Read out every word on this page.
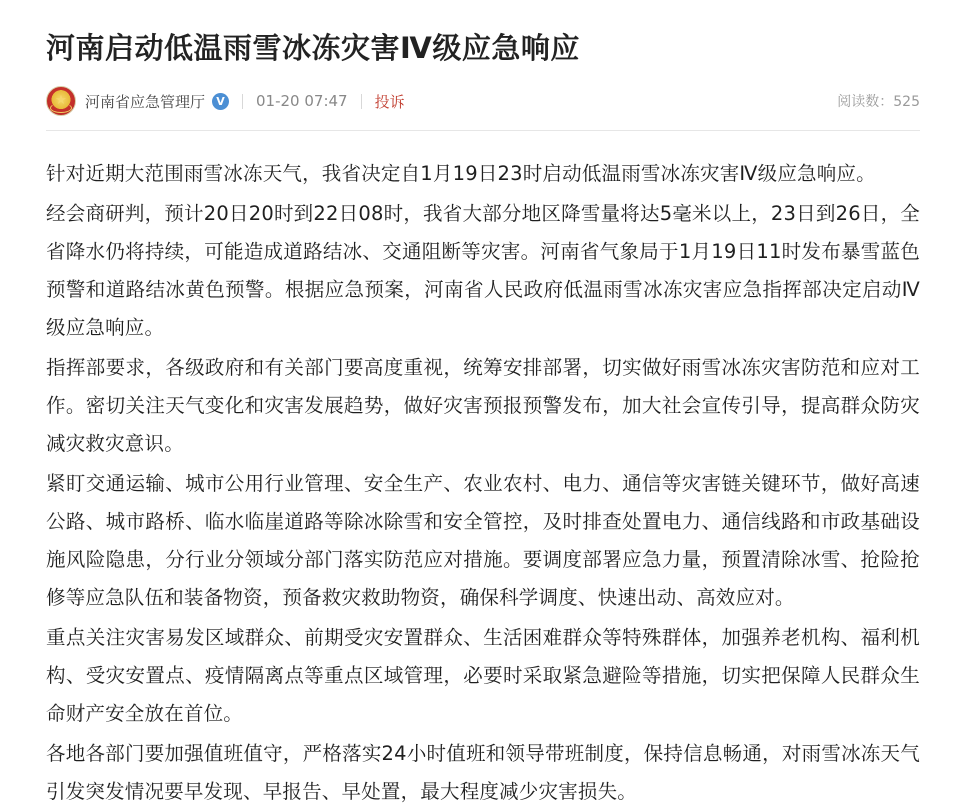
河南启动低温雨雪冰冻灾害Ⅳ级应急响应
★ 河南省应急管理厅	V 01-20 07:47 投诉	阅读数：525

针对近期大范围雨雪冰冻天气，我省决定自1月19日23时启动低温雨雪冰冻灾害Ⅳ级应急响应。

经会商研判，预计20日20时到22日08时，我省大部分地区降雪量将达5毫米以上，23日到26日，全省降水仍将持续，可能造成道路结冰、交通阻断等灾害。河南省气象局于1月19日11时发布暴雪蓝色预警和道路结冰黄色预警。根据应急预案，河南省人民政府低温雨雪冰冻灾害应急指挥部决定启动Ⅳ级应急响应。

指挥部要求，各级政府和有关部门要高度重视，统筹安排部署，切实做好雨雪冰冻灾害防范和应对工作。密切关注天气变化和灾害发展趋势，做好灾害预报预警发布，加大社会宣传引导，提高群众防灾减灾救灾意识。

紧盯交通运输、城市公用行业管理、安全生产、农业农村、电力、通信等灾害链关键环节，做好高速公路、城市路桥、临水临崖道路等除冰除雪和安全管控，及时排查处置电力、通信线路和市政基础设施风险隐患，分行业分领域分部门落实防范应对措施。要调度部署应急力量，预置清除冰雪、抢险抢修等应急队伍和装备物资，预备救灾救助物资，确保科学调度、快速出动、高效应对。

重点关注灾害易发区域群众、前期受灾安置群众、生活困难群众等特殊群体，加强养老机构、福利机构、受灾安置点、疫情隔离点等重点区域管理，必要时采取紧急避险等措施，切实把保障人民群众生命财产安全放在首位。

各地各部门要加强值班值守，严格落实24小时值班和领导带班制度，保持信息畅通，对雨雪冰冻天气引发突发情况要早发现、早报告、早处置，最大程度减少灾害损失。
